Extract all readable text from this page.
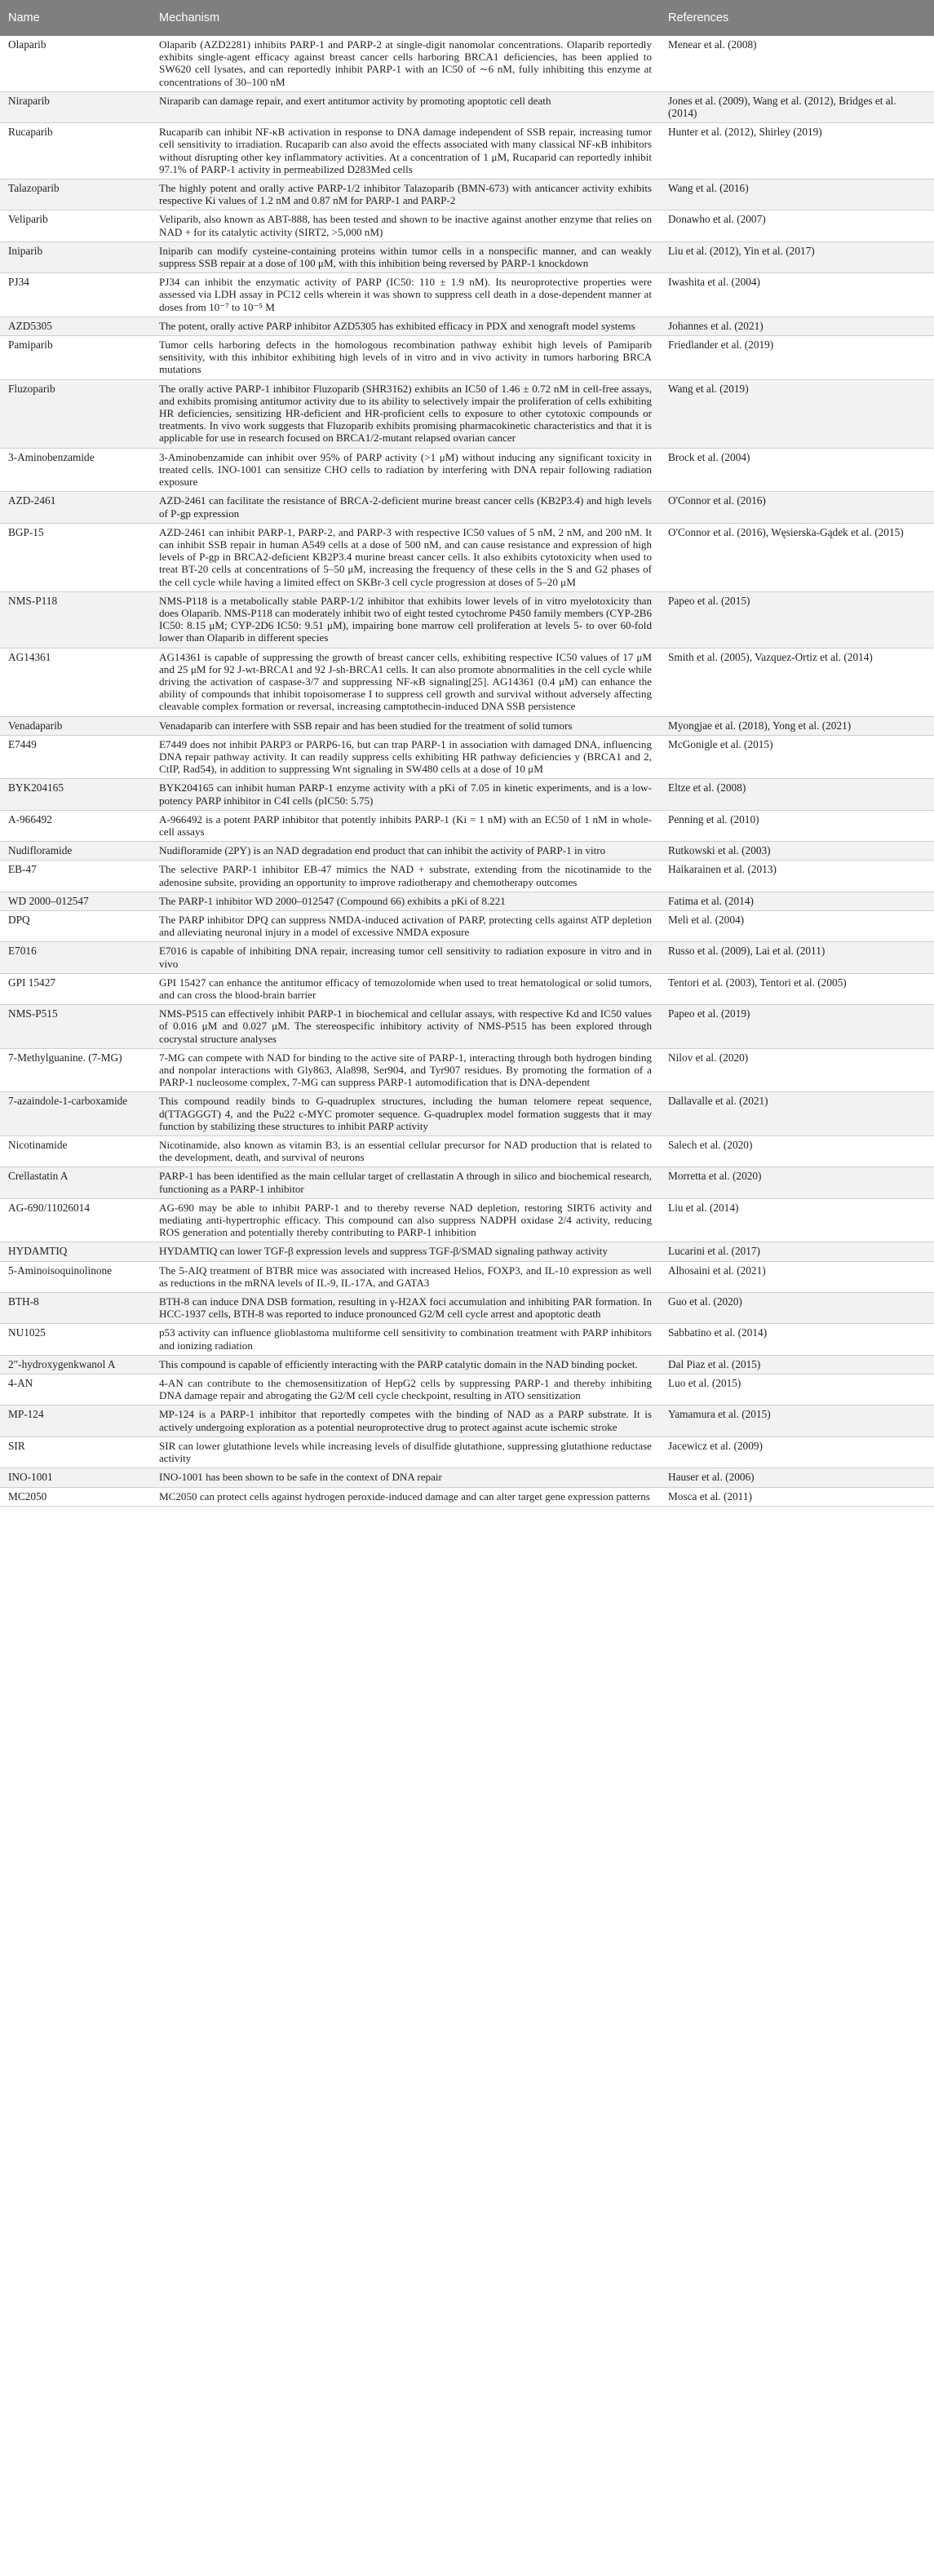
Name	Mechanism	References
Olaparib	Olaparib (AZD2281) inhibits PARP-1 and PARP-2 at single-digit nanomolar concentrations. Olaparib reportedly exhibits single-agent efficacy against breast cancer cells harboring BRCA1 deficiencies, has been applied to SW620 cell lysates, and can reportedly inhibit PARP-1 with an IC50 of ∼6 nM, fully inhibiting this enzyme at concentrations of 30–100 nM	Menear et al. (2008)
Niraparib	Niraparib can damage repair, and exert antitumor activity by promoting apoptotic cell death	Jones et al. (2009), Wang et al. (2012), Bridges et al. (2014)
Rucaparib	Rucaparib can inhibit NF-κB activation in response to DNA damage independent of SSB repair, increasing tumor cell sensitivity to irradiation. Rucaparib can also avoid the effects associated with many classical NF-κB inhibitors without disrupting other key inflammatory activities. At a concentration of 1 μM, Rucaparid can reportedly inhibit 97.1% of PARP-1 activity in permeabilized D283Med cells	Hunter et al. (2012), Shirley (2019)
Talazoparib	The highly potent and orally active PARP-1/2 inhibitor Talazoparib (BMN-673) with anticancer activity exhibits respective Ki values of 1.2 nM and 0.87 nM for PARP-1 and PARP-2	Wang et al. (2016)
Veliparib	Veliparib, also known as ABT-888, has been tested and shown to be inactive against another enzyme that relies on NAD + for its catalytic activity (SIRT2, >5,000 nM)	Donawho et al. (2007)
Iniparib	Iniparib can modify cysteine-containing proteins within tumor cells in a nonspecific manner, and can weakly suppress SSB repair at a dose of 100 μM, with this inhibition being reversed by PARP-1 knockdown	Liu et al. (2012), Yin et al. (2017)
PJ34	PJ34 can inhibit the enzymatic activity of PARP (IC50: 110 ± 1.9 nM). Its neuroprotective properties were assessed via LDH assay in PC12 cells wherein it was shown to suppress cell death in a dose-dependent manner at doses from 10⁻⁷ to 10⁻⁵ M	Iwashita et al. (2004)
AZD5305	The potent, orally active PARP inhibitor AZD5305 has exhibited efficacy in PDX and xenograft model systems	Johannes et al. (2021)
Pamiparib	Tumor cells harboring defects in the homologous recombination pathway exhibit high levels of Pamiparib sensitivity, with this inhibitor exhibiting high levels of in vitro and in vivo activity in tumors harboring BRCA mutations	Friedlander et al. (2019)
Fluzoparib	The orally active PARP-1 inhibitor Fluzoparib (SHR3162) exhibits an IC50 of 1.46 ± 0.72 nM in cell-free assays, and exhibits promising antitumor activity due to its ability to selectively impair the proliferation of cells exhibiting HR deficiencies, sensitizing HR-deficient and HR-proficient cells to exposure to other cytotoxic compounds or treatments. In vivo work suggests that Fluzoparib exhibits promising pharmacokinetic characteristics and that it is applicable for use in research focused on BRCA1/2-mutant relapsed ovarian cancer	Wang et al. (2019)
3-Aminobenzamide	3-Aminobenzamide can inhibit over 95% of PARP activity (>1 μM) without inducing any significant toxicity in treated cells. INO-1001 can sensitize CHO cells to radiation by interfering with DNA repair following radiation exposure	Brock et al. (2004)
AZD-2461	AZD-2461 can facilitate the resistance of BRCA-2-deficient murine breast cancer cells (KB2P3.4) and high levels of P-gp expression	O'Connor et al. (2016)
BGP-15	AZD-2461 can inhibit PARP-1, PARP-2, and PARP-3 with respective IC50 values of 5 nM, 2 nM, and 200 nM. It can inhibit SSB repair in human A549 cells at a dose of 500 nM, and can cause resistance and expression of high levels of P-gp in BRCA2-deficient KB2P3.4 murine breast cancer cells. It also exhibits cytotoxicity when used to treat BT-20 cells at concentrations of 5–50 μM, increasing the frequency of these cells in the S and G2 phases of the cell cycle while having a limited effect on SKBr-3 cell cycle progression at doses of 5–20 μM	O'Connor et al. (2016), Węsierska-Gądek et al. (2015)
NMS-P118	NMS-P118 is a metabolically stable PARP-1/2 inhibitor that exhibits lower levels of in vitro myelotoxicity than does Olaparib. NMS-P118 can moderately inhibit two of eight tested cytochrome P450 family members (CYP-2B6 IC50: 8.15 μM; CYP-2D6 IC50: 9.51 μM), impairing bone marrow cell proliferation at levels 5- to over 60-fold lower than Olaparib in different species	Papeo et al. (2015)
AG14361	AG14361 is capable of suppressing the growth of breast cancer cells, exhibiting respective IC50 values of 17 μM and 25 μM for 92 J-wt-BRCA1 and 92 J-sh-BRCA1 cells. It can also promote abnormalities in the cell cycle while driving the activation of caspase-3/7 and suppressing NF-κB signaling[25]. AG14361 (0.4 μM) can enhance the ability of compounds that inhibit topoisomerase I to suppress cell growth and survival without adversely affecting cleavable complex formation or reversal, increasing camptothecin-induced DNA SSB persistence	Smith et al. (2005), Vazquez-Ortiz et al. (2014)
Venadaparib	Venadaparib can interfere with SSB repair and has been studied for the treatment of solid tumors	Myongjae et al. (2018), Yong et al. (2021)
E7449	E7449 does not inhibit PARP3 or PARP6-16, but can trap PARP-1 in association with damaged DNA, influencing DNA repair pathway activity. It can readily suppress cells exhibiting HR pathway deficiencies y (BRCA1 and 2, CtIP, Rad54), in addition to suppressing Wnt signaling in SW480 cells at a dose of 10 μM	McGonigle et al. (2015)
BYK204165	BYK204165 can inhibit human PARP-1 enzyme activity with a pKi of 7.05 in kinetic experiments, and is a low-potency PARP inhibitor in C4I cells (pIC50: 5.75)	Eltze et al. (2008)
A-966492	A-966492 is a potent PARP inhibitor that potently inhibits PARP-1 (Ki = 1 nM) with an EC50 of 1 nM in whole-cell assays	Penning et al. (2010)
Nudifloramide	Nudifloramide (2PY) is an NAD degradation end product that can inhibit the activity of PARP-1 in vitro	Rutkowski et al. (2003)
EB-47	The selective PARP-1 inhibitor EB-47 mimics the NAD + substrate, extending from the nicotinamide to the adenosine subsite, providing an opportunity to improve radiotherapy and chemotherapy outcomes	Haikarainen et al. (2013)
WD 2000–012547	The PARP-1 inhibitor WD 2000–012547 (Compound 66) exhibits a pKi of 8.221	Fatima et al. (2014)
DPQ	The PARP inhibitor DPQ can suppress NMDA-induced activation of PARP, protecting cells against ATP depletion and alleviating neuronal injury in a model of excessive NMDA exposure	Meli et al. (2004)
E7016	E7016 is capable of inhibiting DNA repair, increasing tumor cell sensitivity to radiation exposure in vitro and in vivo	Russo et al. (2009), Lai et al. (2011)
GPI 15427	GPI 15427 can enhance the antitumor efficacy of temozolomide when used to treat hematological or solid tumors, and can cross the blood-brain barrier	Tentori et al. (2003), Tentori et al. (2005)
NMS-P515	NMS-P515 can effectively inhibit PARP-1 in biochemical and cellular assays, with respective Kd and IC50 values of 0.016 μM and 0.027 μM. The stereospecific inhibitory activity of NMS-P515 has been explored through cocrystal structure analyses	Papeo et al. (2019)
7-Methylguanine. (7-MG)	7-MG can compete with NAD for binding to the active site of PARP-1, interacting through both hydrogen binding and nonpolar interactions with Gly863, Ala898, Ser904, and Tyr907 residues. By promoting the formation of a PARP-1 nucleosome complex, 7-MG can suppress PARP-1 automodification that is DNA-dependent	Nilov et al. (2020)
7-azaindole-1-carboxamide	This compound readily binds to G-quadruplex structures, including the human telomere repeat sequence, d(TTAGGGT) 4, and the Pu22 c-MYC promoter sequence. G-quadruplex model formation suggests that it may function by stabilizing these structures to inhibit PARP activity	Dallavalle et al. (2021)
Nicotinamide	Nicotinamide, also known as vitamin B3, is an essential cellular precursor for NAD production that is related to the development, death, and survival of neurons	Salech et al. (2020)
Crellastatin A	PARP-1 has been identified as the main cellular target of crellastatin A through in silico and biochemical research, functioning as a PARP-1 inhibitor	Morretta et al. (2020)
AG-690/11026014	AG-690 may be able to inhibit PARP-1 and to thereby reverse NAD depletion, restoring SIRT6 activity and mediating anti-hypertrophic efficacy. This compound can also suppress NADPH oxidase 2/4 activity, reducing ROS generation and potentially thereby contributing to PARP-1 inhibition	Liu et al. (2014)
HYDAMTIQ	HYDAMTIQ can lower TGF-β expression levels and suppress TGF-β/SMAD signaling pathway activity	Lucarini et al. (2017)
5-Aminoisoquinolinone	The 5-AIQ treatment of BTBR mice was associated with increased Helios, FOXP3, and IL-10 expression as well as reductions in the mRNA levels of IL-9, IL-17A, and GATA3	Alhosaini et al. (2021)
BTH-8	BTH-8 can induce DNA DSB formation, resulting in γ-H2AX foci accumulation and inhibiting PAR formation. In HCC-1937 cells, BTH-8 was reported to induce pronounced G2/M cell cycle arrest and apoptotic death	Guo et al. (2020)
NU1025	p53 activity can influence glioblastoma multiforme cell sensitivity to combination treatment with PARP inhibitors and ionizing radiation	Sabbatino et al. (2014)
2″-hydroxygenkwanol A	This compound is capable of efficiently interacting with the PARP catalytic domain in the NAD binding pocket.	Dal Piaz et al. (2015)
4-AN	4-AN can contribute to the chemosensitization of HepG2 cells by suppressing PARP-1 and thereby inhibiting DNA damage repair and abrogating the G2/M cell cycle checkpoint, resulting in ATO sensitization	Luo et al. (2015)
MP-124	MP-124 is a PARP-1 inhibitor that reportedly competes with the binding of NAD as a PARP substrate. It is actively undergoing exploration as a potential neuroprotective drug to protect against acute ischemic stroke	Yamamura et al. (2015)
SIR	SIR can lower glutathione levels while increasing levels of disulfide glutathione, suppressing glutathione reductase activity	Jacewicz et al. (2009)
INO-1001	INO-1001 has been shown to be safe in the context of DNA repair	Hauser et al. (2006)
MC2050	MC2050 can protect cells against hydrogen peroxide-induced damage and can alter target gene expression patterns	Mosca et al. (2011)
